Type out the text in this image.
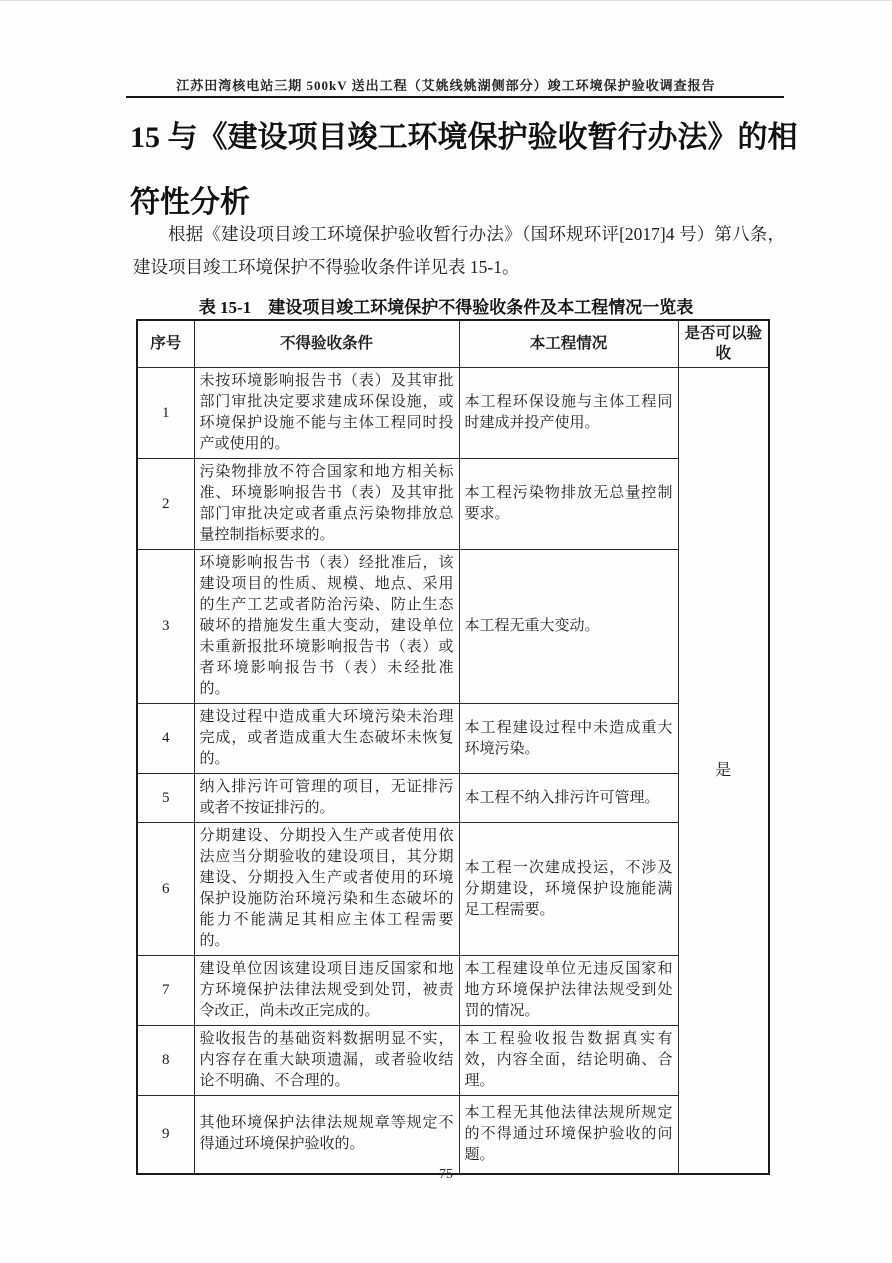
江苏田湾核电站三期 500kV 送出工程（艾姚线姚湖侧部分）竣工环境保护验收调查报告
15 与《建设项目竣工环境保护验收暂行办法》的相符性分析

根据《建设项目竣工环境保护验收暂行办法》（国环规环评[2017]4 号）第八条，建设项目竣工环境保护不得验收条件详见表 15-1。

表 15-1　建设项目竣工环境保护不得验收条件及本工程情况一览表
序号	不得验收条件	本工程情况	是否可以验收
1	未按环境影响报告书（表）及其审批部门审批决定要求建成环保设施，或环境保护设施不能与主体工程同时投产或使用的。	本工程环保设施与主体工程同时建成并投产使用。	是
2	污染物排放不符合国家和地方相关标准、环境影响报告书（表）及其审批部门审批决定或者重点污染物排放总量控制指标要求的。	本工程污染物排放无总量控制要求。	
3	环境影响报告书（表）经批准后，该建设项目的性质、规模、地点、采用的生产工艺或者防治污染、防止生态破坏的措施发生重大变动，建设单位未重新报批环境影响报告书（表）或者环境影响报告书（表）未经批准的。	本工程无重大变动。	
4	建设过程中造成重大环境污染未治理完成，或者造成重大生态破坏未恢复的。	本工程建设过程中未造成重大环境污染。	
5	纳入排污许可管理的项目，无证排污或者不按证排污的。	本工程不纳入排污许可管理。	
6	分期建设、分期投入生产或者使用依法应当分期验收的建设项目，其分期建设、分期投入生产或者使用的环境保护设施防治环境污染和生态破坏的能力不能满足其相应主体工程需要的。	本工程一次建成投运，不涉及分期建设，环境保护设施能满足工程需要。	
7	建设单位因该建设项目违反国家和地方环境保护法律法规受到处罚，被责令改正，尚未改正完成的。	本工程建设单位无违反国家和地方环境保护法律法规受到处罚的情况。	
8	验收报告的基础资料数据明显不实，内容存在重大缺项遗漏，或者验收结论不明确、不合理的。	本工程验收报告数据真实有效，内容全面，结论明确、合理。	
9	其他环境保护法律法规规章等规定不得通过环境保护验收的。	本工程无其他法律法规所规定的不得通过环境保护验收的问题。	
75
